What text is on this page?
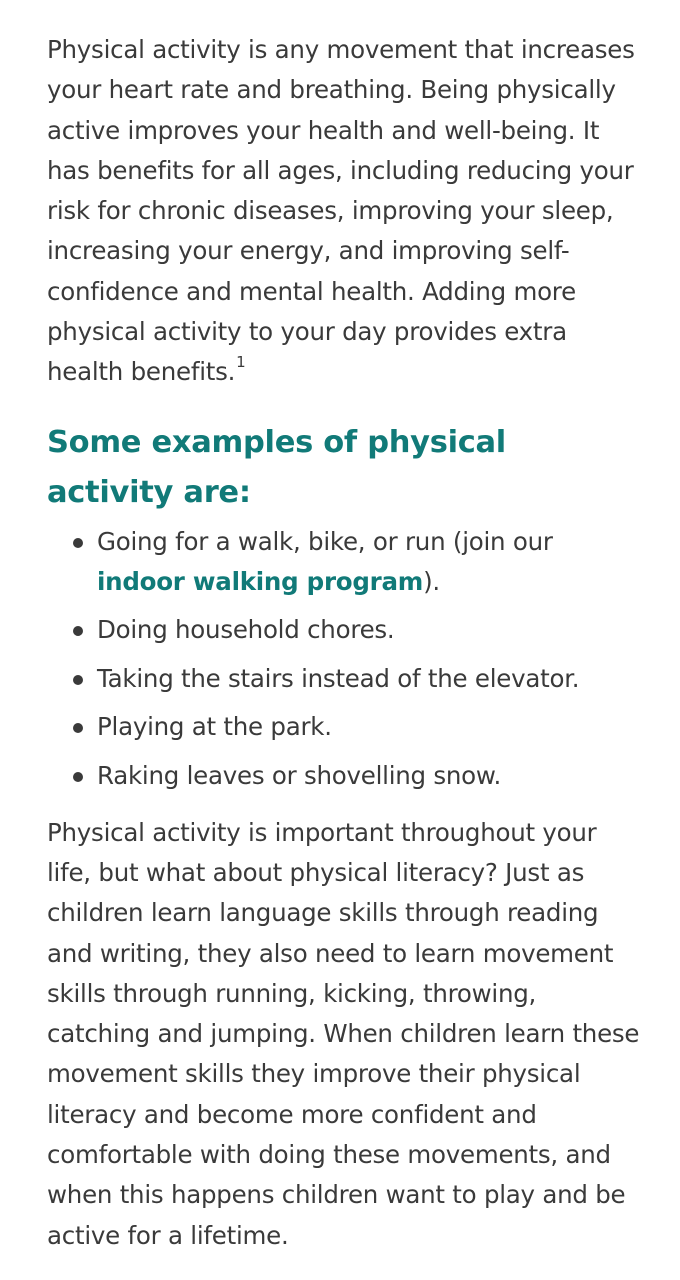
Physical activity is any movement that increases your heart rate and breathing. Being physically active improves your health and well-being. It has benefits for all ages, including reducing your risk for chronic diseases, improving your sleep, increasing your energy, and improving self-confidence and mental health. Adding more physical activity to your day provides extra health benefits.$^1$

Some examples of physical activity are:
Going for a walk, bike, or run (join our indoor walking program).
Doing household chores.
Taking the stairs instead of the elevator.
Playing at the park.
Raking leaves or shovelling snow.

Physical activity is important throughout your life, but what about physical literacy? Just as children learn language skills through reading and writing, they also need to learn movement skills through running, kicking, throwing, catching and jumping. When children learn these movement skills they improve their physical literacy and become more confident and comfortable with doing these movements, and when this happens children want to play and be active for a lifetime.
